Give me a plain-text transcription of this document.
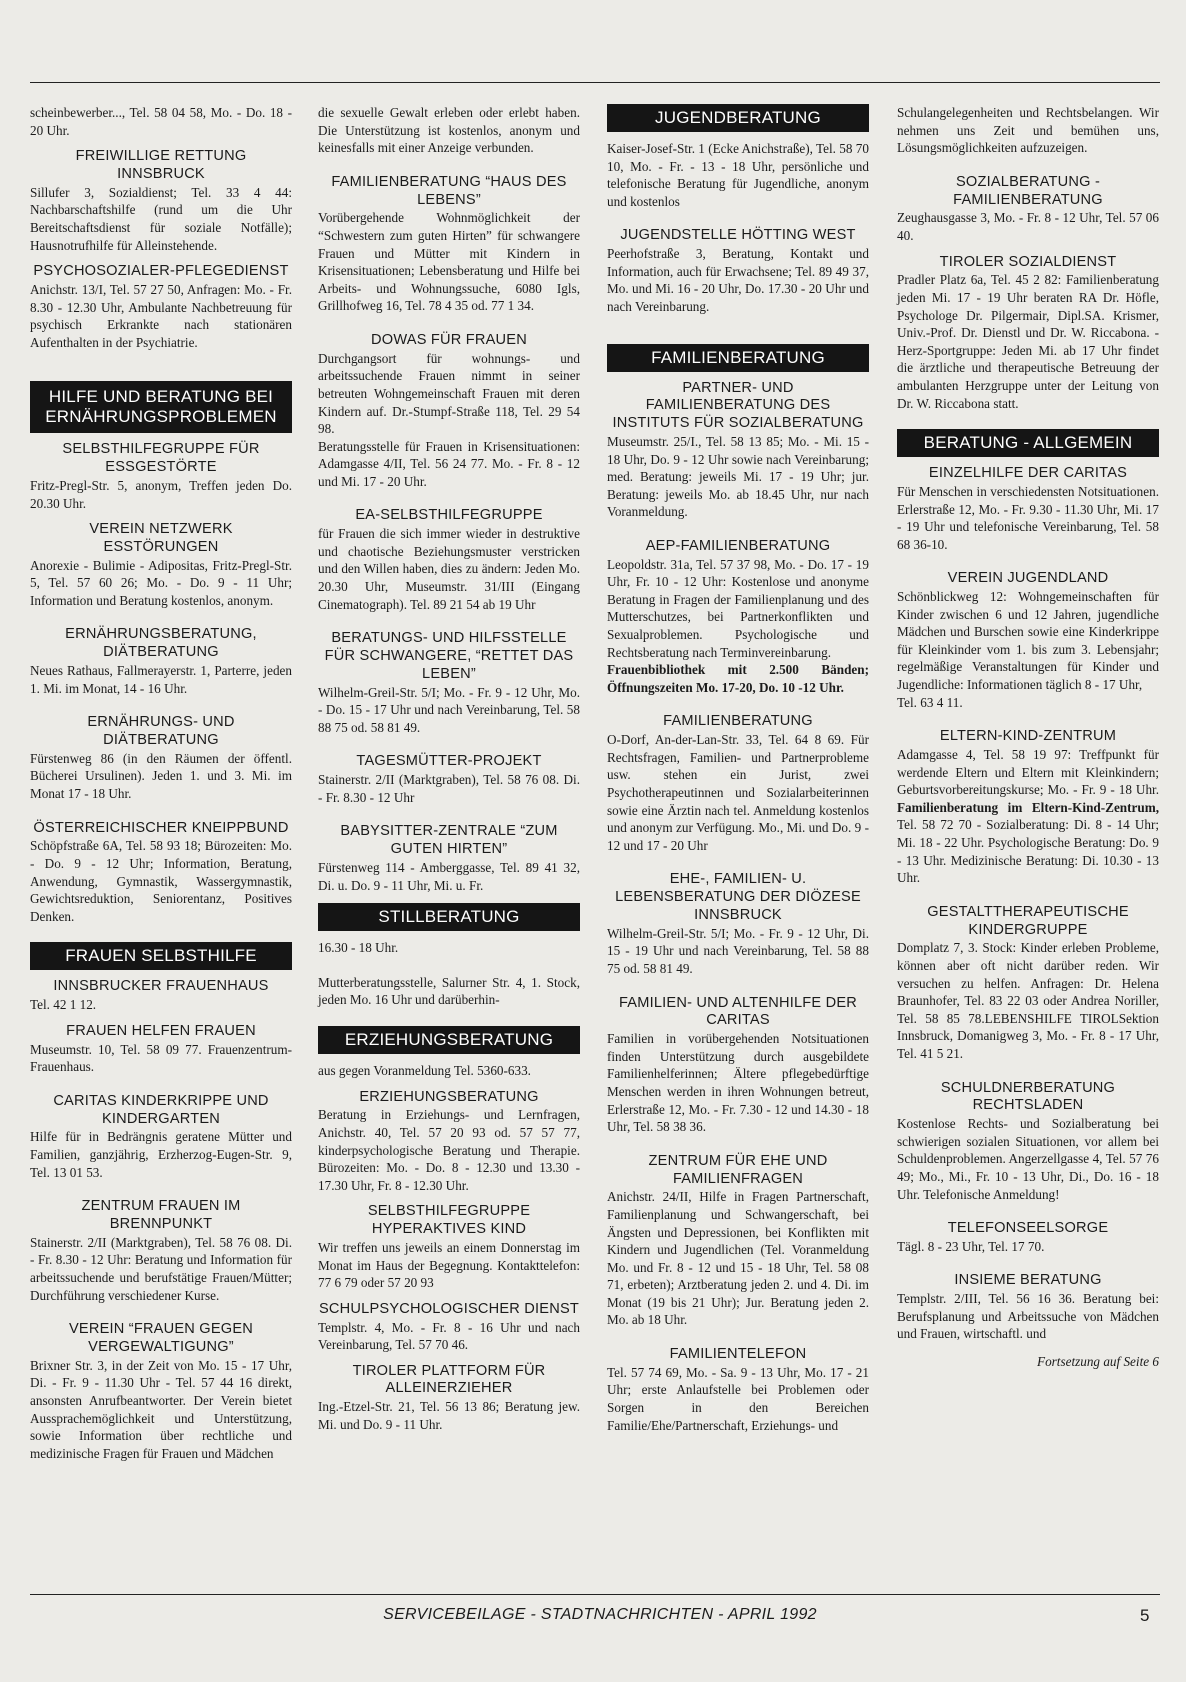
scheinbewerber..., Tel. 58 04 58, Mo. - Do. 18 - 20 Uhr.

FREIWILLIGE RETTUNG INNSBRUCK

Sillufer 3, Sozialdienst; Tel. 33 4 44: Nachbarschaftshilfe (rund um die Uhr Bereitschaftsdienst für soziale Notfälle); Hausnotrufhilfe für Alleinstehende.

PSYCHOSOZIALER-PFLEGEDIENST

Anichstr. 13/I, Tel. 57 27 50, Anfragen: Mo. - Fr. 8.30 - 12.30 Uhr, Ambulante Nachbetreuung für psychisch Erkrankte nach stationären Aufenthalten in der Psychiatrie.

HILFE UND BERATUNG BEI ERNÄHRUNGSPROBLEMEN
SELBSTHILFEGRUPPE FÜR ESSGESTÖRTE

Fritz-Pregl-Str. 5, anonym, Treffen jeden Do. 20.30 Uhr.

VEREIN NETZWERK ESSTÖRUNGEN

Anorexie - Bulimie - Adipositas, Fritz-Pregl-Str. 5, Tel. 57 60 26; Mo. - Do. 9 - 11 Uhr; Information und Beratung kostenlos, anonym.

ERNÄHRUNGSBERATUNG, DIÄTBERATUNG

Neues Rathaus, Fallmerayerstr. 1, Parterre, jeden 1. Mi. im Monat, 14 - 16 Uhr.

ERNÄHRUNGS- UND DIÄTBERATUNG

Fürstenweg 86 (in den Räumen der öffentl. Bücherei Ursulinen). Jeden 1. und 3. Mi. im Monat 17 - 18 Uhr.

ÖSTERREICHISCHER KNEIPPBUND

Schöpfstraße 6A, Tel. 58 93 18; Bürozeiten: Mo. - Do. 9 - 12 Uhr; Information, Beratung, Anwendung, Gymnastik, Wassergymnastik, Gewichtsreduktion, Seniorentanz, Positives Denken.

FRAUEN SELBSTHILFE
INNSBRUCKER FRAUENHAUS

Tel. 42 1 12.

FRAUEN HELFEN FRAUEN

Museumstr. 10, Tel. 58 09 77. Frauenzentrum-Frauenhaus.

CARITAS KINDERKRIPPE UND KINDERGARTEN

Hilfe für in Bedrängnis geratene Mütter und Familien, ganzjährig, Erzherzog-Eugen-Str. 9, Tel. 13 01 53.

ZENTRUM FRAUEN IM BRENNPUNKT

Stainerstr. 2/II (Marktgraben), Tel. 58 76 08. Di. - Fr. 8.30 - 12 Uhr: Beratung und Information für arbeitssuchende und berufstätige Frauen/Mütter; Durchführung verschiedener Kurse.

VEREIN “FRAUEN GEGEN VERGEWALTIGUNG”

Brixner Str. 3, in der Zeit von Mo. 15 - 17 Uhr, Di. - Fr. 9 - 11.30 Uhr - Tel. 57 44 16 direkt, ansonsten Anrufbeantworter. Der Verein bietet Aussprachemöglichkeit und Unterstützung, sowie Information über rechtliche und medizinische Fragen für Frauen und Mädchen

die sexuelle Gewalt erleben oder erlebt haben. Die Unterstützung ist kostenlos, anonym und keinesfalls mit einer Anzeige verbunden.

FAMILIENBERATUNG “HAUS DES LEBENS”

Vorübergehende Wohnmöglichkeit der “Schwestern zum guten Hirten” für schwangere Frauen und Mütter mit Kindern in Krisensituationen; Lebensberatung und Hilfe bei Arbeits- und Wohnungssuche, 6080 Igls, Grillhofweg 16, Tel. 78 4 35 od. 77 1 34.

DOWAS FÜR FRAUEN

Durchgangsort für wohnungs- und arbeitssuchende Frauen nimmt in seiner betreuten Wohngemeinschaft Frauen mit deren Kindern auf. Dr.-Stumpf-Straße 118, Tel. 29 54 98.

Beratungsstelle für Frauen in Krisensituationen: Adamgasse 4/II, Tel. 56 24 77. Mo. - Fr. 8 - 12 und Mi. 17 - 20 Uhr.

EA-SELBSTHILFEGRUPPE

für Frauen die sich immer wieder in destruktive und chaotische Beziehungsmuster verstricken und den Willen haben, dies zu ändern: Jeden Mo. 20.30 Uhr, Museumstr. 31/III (Eingang Cinematograph). Tel. 89 21 54 ab 19 Uhr

BERATUNGS- UND HILFSSTELLE FÜR SCHWANGERE, “RETTET DAS LEBEN”

Wilhelm-Greil-Str. 5/I; Mo. - Fr. 9 - 12 Uhr, Mo. - Do. 15 - 17 Uhr und nach Vereinbarung, Tel. 58 88 75 od. 58 81 49.

TAGESMÜTTER-PROJEKT

Stainerstr. 2/II (Marktgraben), Tel. 58 76 08. Di. - Fr. 8.30 - 12 Uhr

BABYSITTER-ZENTRALE “ZUM GUTEN HIRTEN”

Fürstenweg 114 - Amberggasse, Tel. 89 41 32, Di. u. Do. 9 - 11 Uhr, Mi. u. Fr.

STILLBERATUNG

16.30 - 18 Uhr.

Mutterberatungsstelle, Salurner Str. 4, 1. Stock, jeden Mo. 16 Uhr und darüberhin-

ERZIEHUNGSBERATUNG

aus gegen Voranmeldung Tel. 5360-633.

ERZIEHUNGSBERATUNG

Beratung in Erziehungs- und Lernfragen, Anichstr. 40, Tel. 57 20 93 od. 57 57 77, kinderpsychologische Beratung und Therapie. Bürozeiten: Mo. - Do. 8 - 12.30 und 13.30 - 17.30 Uhr, Fr. 8 - 12.30 Uhr.

SELBSTHILFEGRUPPE HYPERAKTIVES KIND

Wir treffen uns jeweils an einem Donnerstag im Monat im Haus der Begegnung. Kontakttelefon: 77 6 79 oder 57 20 93

SCHULPSYCHOLOGISCHER DIENST

Templstr. 4, Mo. - Fr. 8 - 16 Uhr und nach Vereinbarung, Tel. 57 70 46.

TIROLER PLATTFORM FÜR ALLEINERZIEHER

Ing.-Etzel-Str. 21, Tel. 56 13 86; Beratung jew. Mi. und Do. 9 - 11 Uhr.

JUGENDBERATUNG

Kaiser-Josef-Str. 1 (Ecke Anichstraße), Tel. 58 70 10, Mo. - Fr. - 13 - 18 Uhr, persönliche und telefonische Beratung für Jugendliche, anonym und kostenlos

JUGENDSTELLE HÖTTING WEST

Peerhofstraße 3, Beratung, Kontakt und Information, auch für Erwachsene; Tel. 89 49 37, Mo. und Mi. 16 - 20 Uhr, Do. 17.30 - 20 Uhr und nach Vereinbarung.

FAMILIENBERATUNG
PARTNER- UND FAMILIENBERATUNG DES INSTITUTS FÜR SOZIALBERATUNG

Museumstr. 25/I., Tel. 58 13 85; Mo. - Mi. 15 - 18 Uhr, Do. 9 - 12 Uhr sowie nach Vereinbarung; med. Beratung: jeweils Mi. 17 - 19 Uhr; jur. Beratung: jeweils Mo. ab 18.45 Uhr, nur nach Voranmeldung.

AEP-FAMILIENBERATUNG

Leopoldstr. 31a, Tel. 57 37 98, Mo. - Do. 17 - 19 Uhr, Fr. 10 - 12 Uhr: Kostenlose und anonyme Beratung in Fragen der Familienplanung und des Mutterschutzes, bei Partnerkonflikten und Sexualproblemen. Psychologische und Rechtsberatung nach Terminvereinbarung.

Frauenbibliothek mit 2.500 Bänden; Öffnungszeiten Mo. 17-20, Do. 10 -12 Uhr.

FAMILIENBERATUNG

O-Dorf, An-der-Lan-Str. 33, Tel. 64 8 69. Für Rechtsfragen, Familien- und Partnerprobleme usw. stehen ein Jurist, zwei Psychotherapeutinnen und Sozialarbeiterinnen sowie eine Ärztin nach tel. Anmeldung kostenlos und anonym zur Verfügung. Mo., Mi. und Do. 9 - 12 und 17 - 20 Uhr

EHE-, FAMILIEN- U. LEBENSBERATUNG DER DIÖZESE INNSBRUCK

Wilhelm-Greil-Str. 5/I; Mo. - Fr. 9 - 12 Uhr, Di. 15 - 19 Uhr und nach Vereinbarung, Tel. 58 88 75 od. 58 81 49.

FAMILIEN- UND ALTENHILFE DER CARITAS

Familien in vorübergehenden Notsituationen finden Unterstützung durch ausgebildete Familienhelferinnen; Ältere pflegebedürftige Menschen werden in ihren Wohnungen betreut, Erlerstraße 12, Mo. - Fr. 7.30 - 12 und 14.30 - 18 Uhr, Tel. 58 38 36.

ZENTRUM FÜR EHE UND FAMILIENFRAGEN

Anichstr. 24/II, Hilfe in Fragen Partnerschaft, Familienplanung und Schwangerschaft, bei Ängsten und Depressionen, bei Konflikten mit Kindern und Jugendlichen (Tel. Voranmeldung Mo. und Fr. 8 - 12 und 15 - 18 Uhr, Tel. 58 08 71, erbeten); Arztberatung jeden 2. und 4. Di. im Monat (19 bis 21 Uhr); Jur. Beratung jeden 2. Mo. ab 18 Uhr.

FAMILIENTELEFON

Tel. 57 74 69, Mo. - Sa. 9 - 13 Uhr, Mo. 17 - 21 Uhr; erste Anlaufstelle bei Problemen oder Sorgen in den Bereichen Familie/Ehe/Partnerschaft, Erziehungs- und

Schulangelegenheiten und Rechtsbelangen. Wir nehmen uns Zeit und bemühen uns, Lösungsmöglichkeiten aufzuzeigen.

SOZIALBERATUNG - FAMILIENBERATUNG

Zeughausgasse 3, Mo. - Fr. 8 - 12 Uhr, Tel. 57 06 40.

TIROLER SOZIALDIENST

Pradler Platz 6a, Tel. 45 2 82: Familienberatung jeden Mi. 17 - 19 Uhr beraten RA Dr. Höfle, Psychologe Dr. Pilgermair, Dipl.SA. Krismer, Univ.-Prof. Dr. Dienstl und Dr. W. Riccabona. - Herz-Sportgruppe: Jeden Mi. ab 17 Uhr findet die ärztliche und therapeutische Betreuung der ambulanten Herzgruppe unter der Leitung von Dr. W. Riccabona statt.

BERATUNG - ALLGEMEIN
EINZELHILFE DER CARITAS

Für Menschen in verschiedensten Notsituationen. Erlerstraße 12, Mo. - Fr. 9.30 - 11.30 Uhr, Mi. 17 - 19 Uhr und telefonische Vereinbarung, Tel. 58 68 36-10.

VEREIN JUGENDLAND

Schönblickweg 12: Wohngemeinschaften für Kinder zwischen 6 und 12 Jahren, jugendliche Mädchen und Burschen sowie eine Kinderkrippe für Kleinkinder vom 1. bis zum 3. Lebensjahr; regelmäßige Veranstaltungen für Kinder und Jugendliche: Informationen täglich 8 - 17 Uhr,

Tel. 63 4 11.

ELTERN-KIND-ZENTRUM

Adamgasse 4, Tel. 58 19 97: Treffpunkt für werdende Eltern und Eltern mit Kleinkindern; Geburtsvorbereitungskurse; Mo. - Fr. 9 - 18 Uhr. Familienberatung im Eltern-Kind-Zentrum, Tel. 58 72 70 - Sozialberatung: Di. 8 - 14 Uhr; Mi. 18 - 22 Uhr. Psychologische Beratung: Do. 9 - 13 Uhr. Medizinische Beratung: Di. 10.30 - 13 Uhr.

GESTALTTHERAPEUTISCHE KINDERGRUPPE

Domplatz 7, 3. Stock: Kinder erleben Probleme, können aber oft nicht darüber reden. Wir versuchen zu helfen. Anfragen: Dr. Helena Braunhofer, Tel. 83 22 03 oder Andrea Noriller, Tel. 58 85 78.LEBENSHILFE TIROLSektion Innsbruck, Domanigweg 3, Mo. - Fr. 8 - 17 Uhr, Tel. 41 5 21.

SCHULDNERBERATUNG RECHTSLADEN

Kostenlose Rechts- und Sozialberatung bei schwierigen sozialen Situationen, vor allem bei Schuldenproblemen. Angerzellgasse 4, Tel. 57 76 49; Mo., Mi., Fr. 10 - 13 Uhr, Di., Do. 16 - 18 Uhr. Telefonische Anmeldung!

TELEFONSEELSORGE

Tägl. 8 - 23 Uhr, Tel. 17 70.

INSIEME BERATUNG

Templstr. 2/III, Tel. 56 16 36. Beratung bei: Berufsplanung und Arbeitssuche von Mädchen und Frauen, wirtschaftl. und

Fortsetzung auf Seite 6

SERVICEBEILAGE - STADTNACHRICHTEN - APRIL 1992	5
